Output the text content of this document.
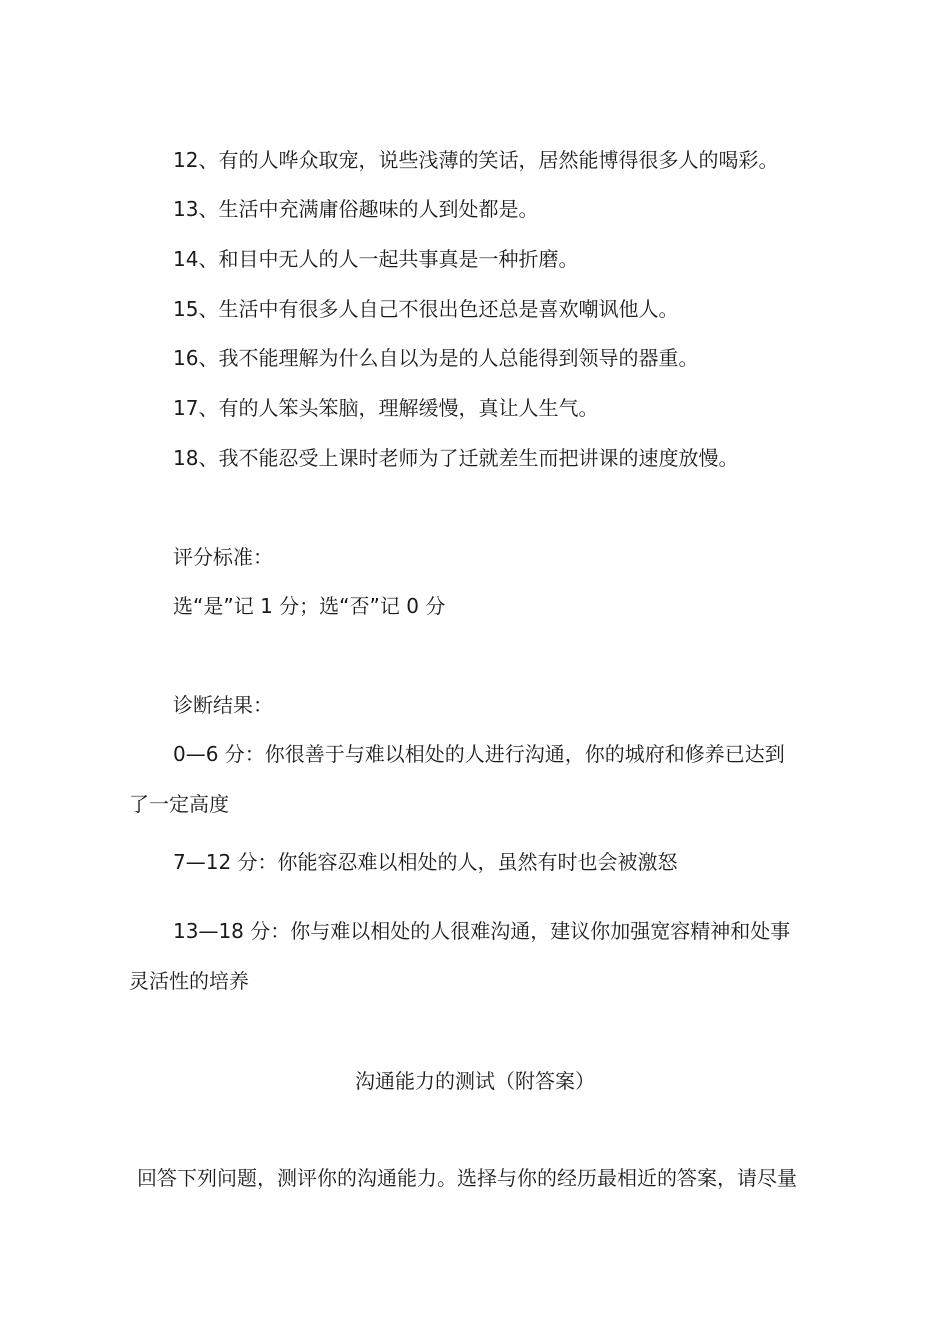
12、有的人哗众取宠，说些浅薄的笑话，居然能博得很多人的喝彩。
13、生活中充满庸俗趣味的人到处都是。
14、和目中无人的人一起共事真是一种折磨。
15、生活中有很多人自己不很出色还总是喜欢嘲讽他人。
16、我不能理解为什么自以为是的人总能得到领导的器重。
17、有的人笨头笨脑，理解缓慢，真让人生气。
18、我不能忍受上课时老师为了迁就差生而把讲课的速度放慢。
评分标准：
选“是”记 1 分；选“否”记 0 分
诊断结果：
0—6 分：你很善于与难以相处的人进行沟通，你的城府和修养已达到
了一定高度
7—12 分：你能容忍难以相处的人，虽然有时也会被激怒
13—18 分：你与难以相处的人很难沟通，建议你加强宽容精神和处事
灵活性的培养
沟通能力的测试（附答案）
回答下列问题，测评你的沟通能力。选择与你的经历最相近的答案，请尽量
